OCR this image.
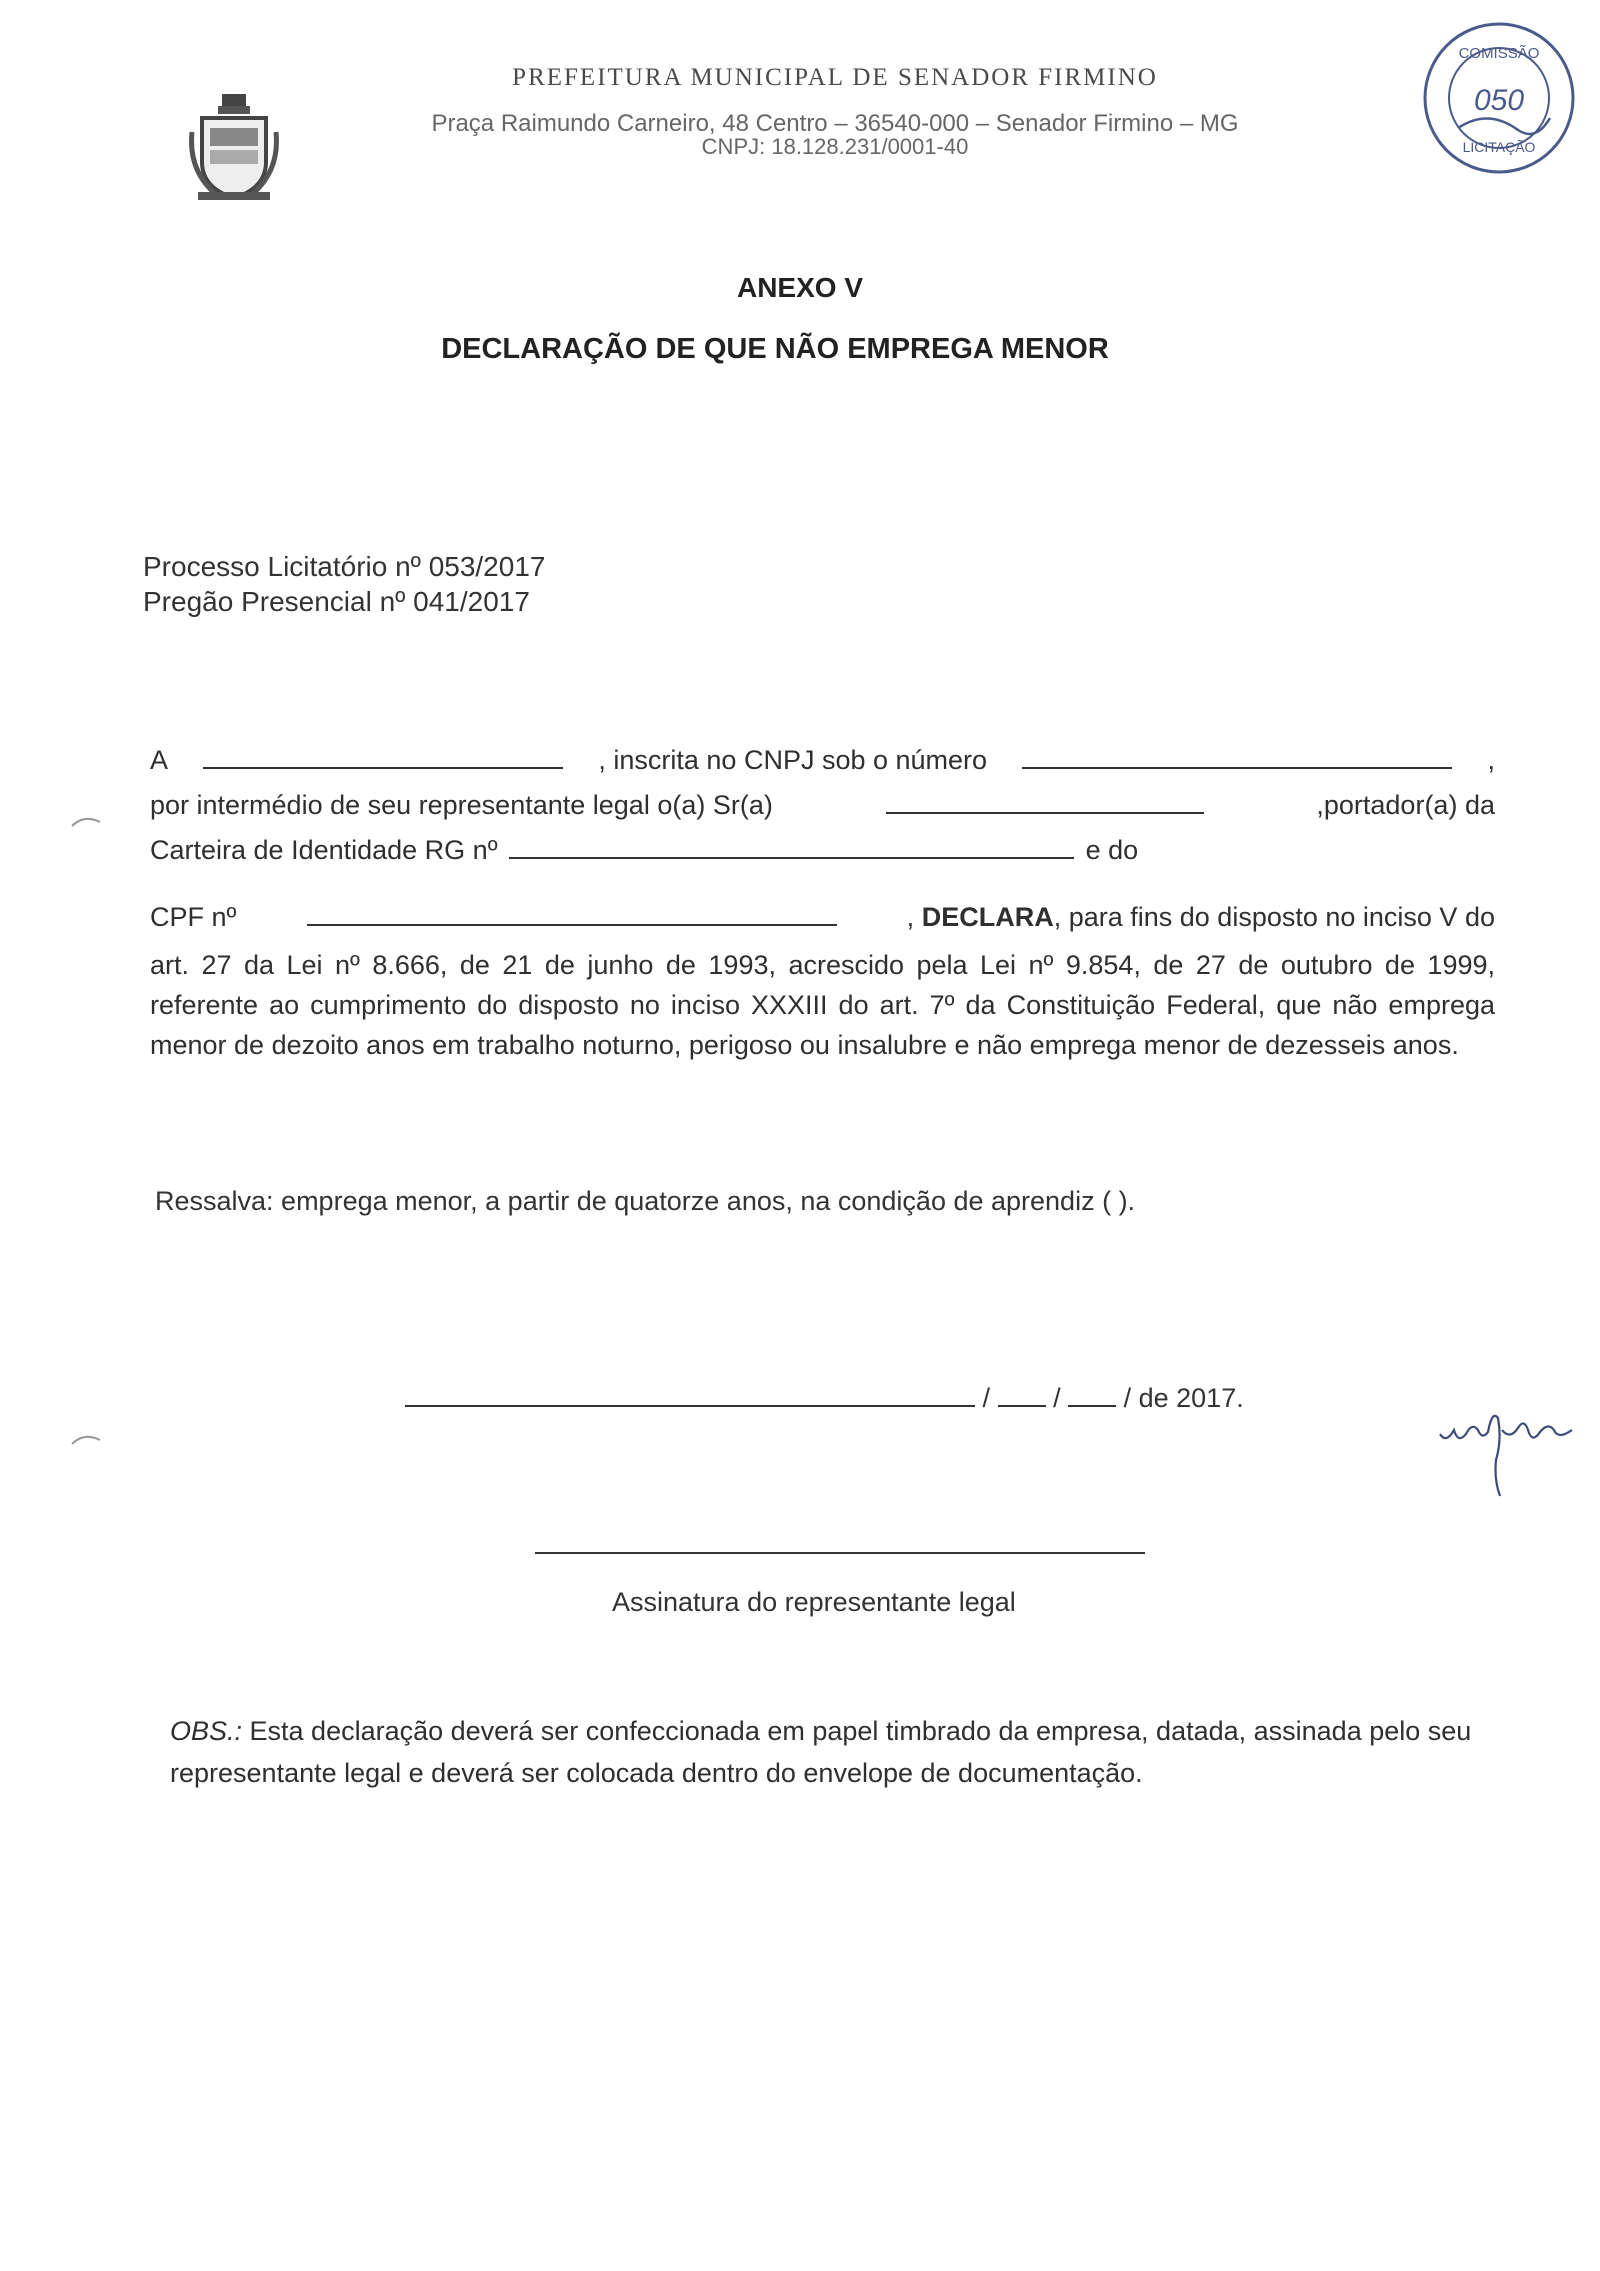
PREFEITURA MUNICIPAL DE SENADOR FIRMINO
Praça Raimundo Carneiro, 48 Centro – 36540-000 – Senador Firmino – MG
CNPJ: 18.128.231/0001-40
COMISSÃO
050
LICITAÇÃO
ANEXO V
DECLARAÇÃO DE QUE NÃO EMPREGA MENOR
Processo Licitatório nº 053/2017
Pregão Presencial nº 041/2017
A	, inscrita no CNPJ sob o número	,
por intermédio de seu representante legal o(a) Sr(a)	,portador(a) da
Carteira de Identidade RG nº	e do
CPF nº	, DECLARA, para fins do disposto no inciso V do
art. 27 da Lei nº 8.666, de 21 de junho de 1993, acrescido pela Lei nº 9.854, de 27 de outubro de 1999, referente ao cumprimento do disposto no inciso XXXIII do art. 7º da Constituição Federal, que não emprega menor de dezoito anos em trabalho noturno, perigoso ou insalubre e não emprega menor de dezesseis anos.
Ressalva: emprega menor, a partir de quatorze anos, na condição de aprendiz ( ).
/ / / de 2017.
Assinatura do representante legal
OBS.: Esta declaração deverá ser confeccionada em papel timbrado da empresa, datada, assinada pelo seu representante legal e deverá ser colocada dentro do envelope de documentação.
